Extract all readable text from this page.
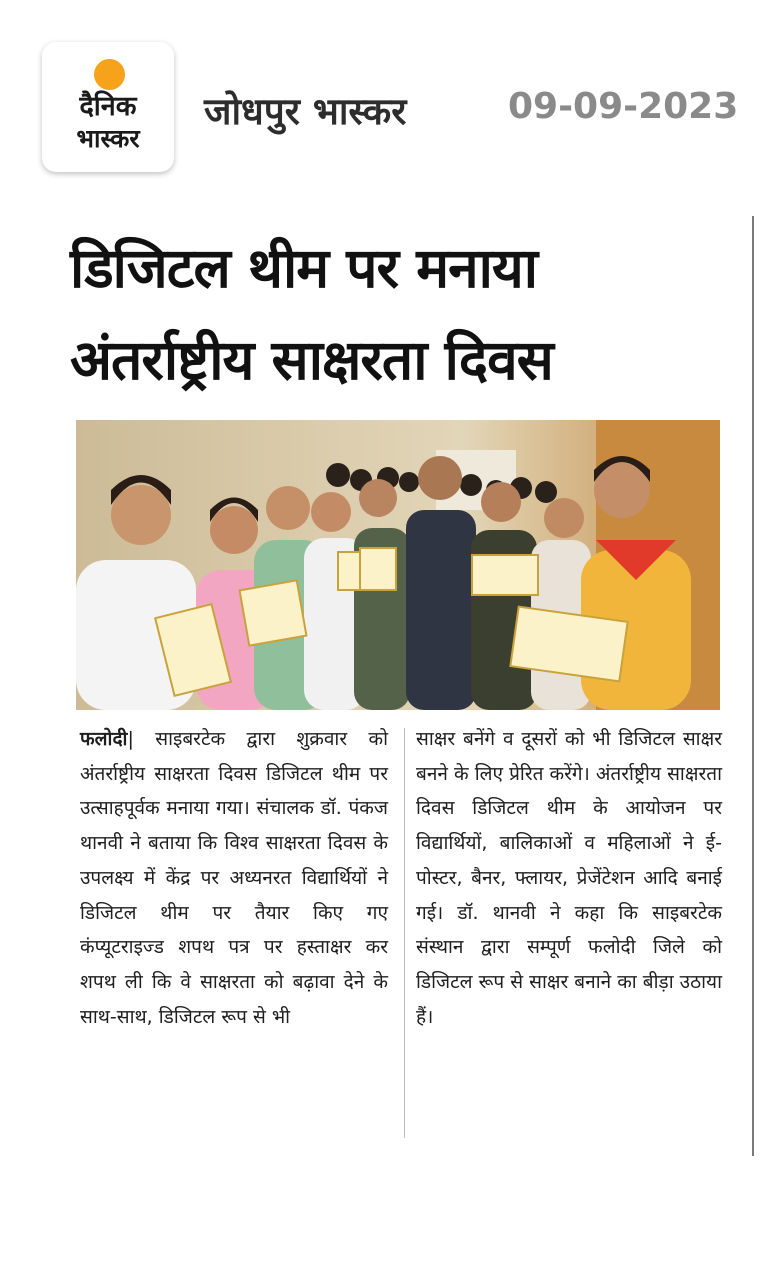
दैनिक
भास्कर
जोधपुर भास्कर	09-09-2023
डिजिटल थीम पर मनाया
अंतर्राष्ट्रीय साक्षरता दिवस
फलोदी| साइबरटेक द्वारा शुक्रवार को अंतर्राष्ट्रीय साक्षरता दिवस डिजिटल थीम पर उत्साहपूर्वक मनाया गया। संचालक डॉ. पंकज थानवी ने बताया कि विश्व साक्षरता दिवस के उपलक्ष्य में केंद्र पर अध्यनरत विद्यार्थियों ने डिजिटल थीम पर तैयार किए गए कंप्यूटराइज्ड शपथ पत्र पर हस्ताक्षर कर शपथ ली कि वे साक्षरता को बढ़ावा देने के साथ-साथ, डिजिटल रूप से भी
साक्षर बनेंगे व दूसरों को भी डिजिटल साक्षर बनने के लिए प्रेरित करेंगे। अंतर्राष्ट्रीय साक्षरता दिवस डिजिटल थीम के आयोजन पर विद्यार्थियों, बालिकाओं व महिलाओं ने ई-पोस्टर, बैनर, फ्लायर, प्रेजेंटेशन आदि बनाई गई। डॉ. थानवी ने कहा कि साइबरटेक संस्थान द्वारा सम्पूर्ण फलोदी जिले को डिजिटल रूप से साक्षर बनाने का बीड़ा उठाया हैं।
